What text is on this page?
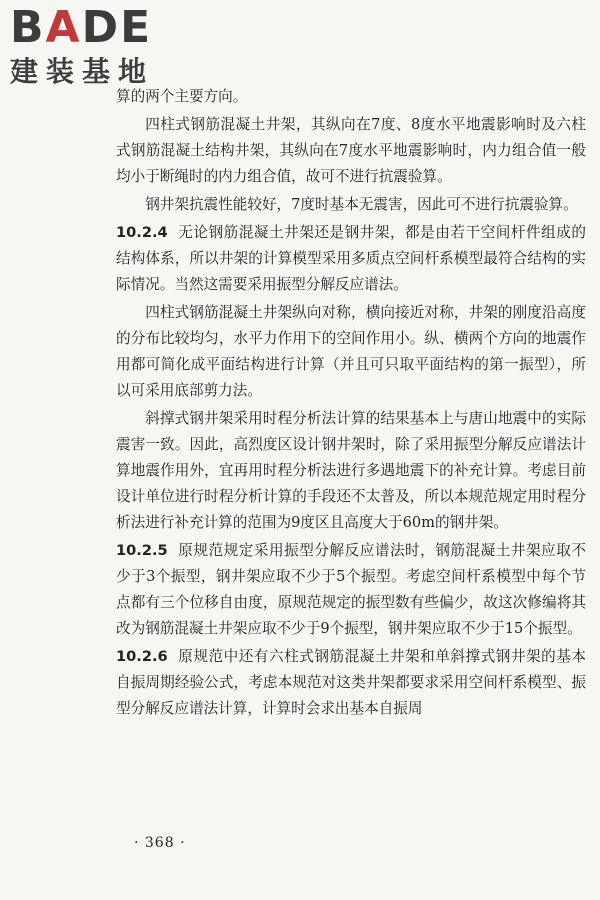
BADE
建装基地

算的两个主要方向。

四柱式钢筋混凝土井架，其纵向在7度、8度水平地震影响时及六柱式钢筋混凝土结构井架，其纵向在7度水平地震影响时，内力组合值一般均小于断绳时的内力组合值，故可不进行抗震验算。

钢井架抗震性能较好，7度时基本无震害，因此可不进行抗震验算。

10.2.4 无论钢筋混凝土井架还是钢井架，都是由若干空间杆件组成的结构体系，所以井架的计算模型采用多质点空间杆系模型最符合结构的实际情况。当然这需要采用振型分解反应谱法。

四柱式钢筋混凝土井架纵向对称，横向接近对称，井架的刚度沿高度的分布比较均匀，水平力作用下的空间作用小。纵、横两个方向的地震作用都可简化成平面结构进行计算（并且可只取平面结构的第一振型），所以可采用底部剪力法。

斜撑式钢井架采用时程分析法计算的结果基本上与唐山地震中的实际震害一致。因此，高烈度区设计钢井架时，除了采用振型分解反应谱法计算地震作用外，宜再用时程分析法进行多遇地震下的补充计算。考虑目前设计单位进行时程分析计算的手段还不太普及，所以本规范规定用时程分析法进行补充计算的范围为9度区且高度大于60m的钢井架。

10.2.5 原规范规定采用振型分解反应谱法时，钢筋混凝土井架应取不少于3个振型，钢井架应取不少于5个振型。考虑空间杆系模型中每个节点都有三个位移自由度，原规范规定的振型数有些偏少，故这次修编将其改为钢筋混凝土井架应取不少于9个振型，钢井架应取不少于15个振型。

10.2.6 原规范中还有六柱式钢筋混凝土井架和单斜撑式钢井架的基本自振周期经验公式，考虑本规范对这类井架都要求采用空间杆系模型、振型分解反应谱法计算，计算时会求出基本自振周

· 368 ·
